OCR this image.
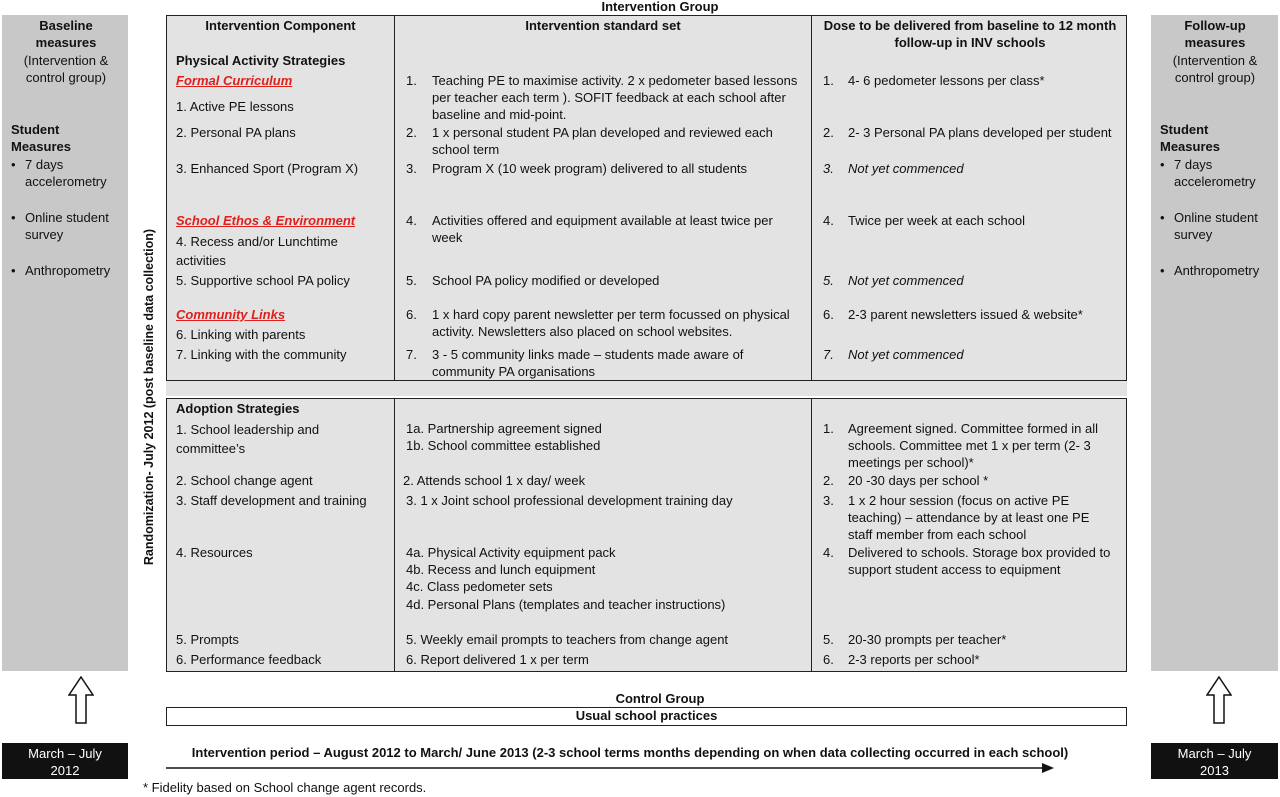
Intervention Group
Baseline measures
(Intervention & control group)
Student Measures
• 7 days accelerometry
• Online student survey
• Anthropometry
Follow-up measures
(Intervention & control group)
Student Measures
• 7 days accelerometry
• Online student survey
• Anthropometry
March – July 2012
March – July 2013
Randomization- July 2012 (post baseline data collection)
Intervention Component	Intervention standard set	Dose to be delivered from baseline to 12 month follow-up in INV schools
Physical Activity Strategies
Formal Curriculum
1. Active PE lessons
2. Personal PA plans
3. Enhanced Sport (Program X)
School Ethos & Environment
4. Recess and/or Lunchtime activities
5. Supportive school PA policy
Community Links
6. Linking with parents
7. Linking with the community
1. Teaching PE to maximise activity. 2 x pedometer based lessons per teacher each term ). SOFIT feedback at each school after baseline and mid-point.
2. 1 x personal student PA plan developed and reviewed each school term
3. Program X (10 week program) delivered to all students
4. Activities offered and equipment available at least twice per week
5. School PA policy modified or developed
6. 1 x hard copy parent newsletter per term focussed on physical activity. Newsletters also placed on school websites.
7. 3 - 5 community links made – students made aware of community PA organisations
1. 4- 6 pedometer lessons per class*
2. 2- 3 Personal PA plans developed per student
3. Not yet commenced
4. Twice per week at each school
5. Not yet commenced
6. 2-3 parent newsletters issued & website*
7. Not yet commenced
Adoption Strategies
1. School leadership and committee’s
2. School change agent
3. Staff development and training
4. Resources
5. Prompts
6. Performance feedback
1a. Partnership agreement signed
1b. School committee established
2. Attends school 1 x day/ week
3. 1 x Joint school professional development training day
4a. Physical Activity equipment pack
4b. Recess and lunch equipment
4c. Class pedometer sets
4d. Personal Plans (templates and teacher instructions)
5. Weekly email prompts to teachers from change agent
6. Report delivered 1 x per term
1. Agreement signed. Committee formed in all schools. Committee met 1 x per term (2- 3 meetings per school)*
2. 20 -30 days per school *
3. 1 x 2 hour session (focus on active PE teaching) – attendance by at least one PE staff member from each school
4. Delivered to schools. Storage box provided to support student access to equipment
5. 20-30 prompts per teacher*
6. 2-3 reports per school*
Control Group
Usual school practices
Intervention period – August 2012 to March/ June 2013 (2-3 school terms months depending on when data collecting occurred in each school)
* Fidelity based on School change agent records.
